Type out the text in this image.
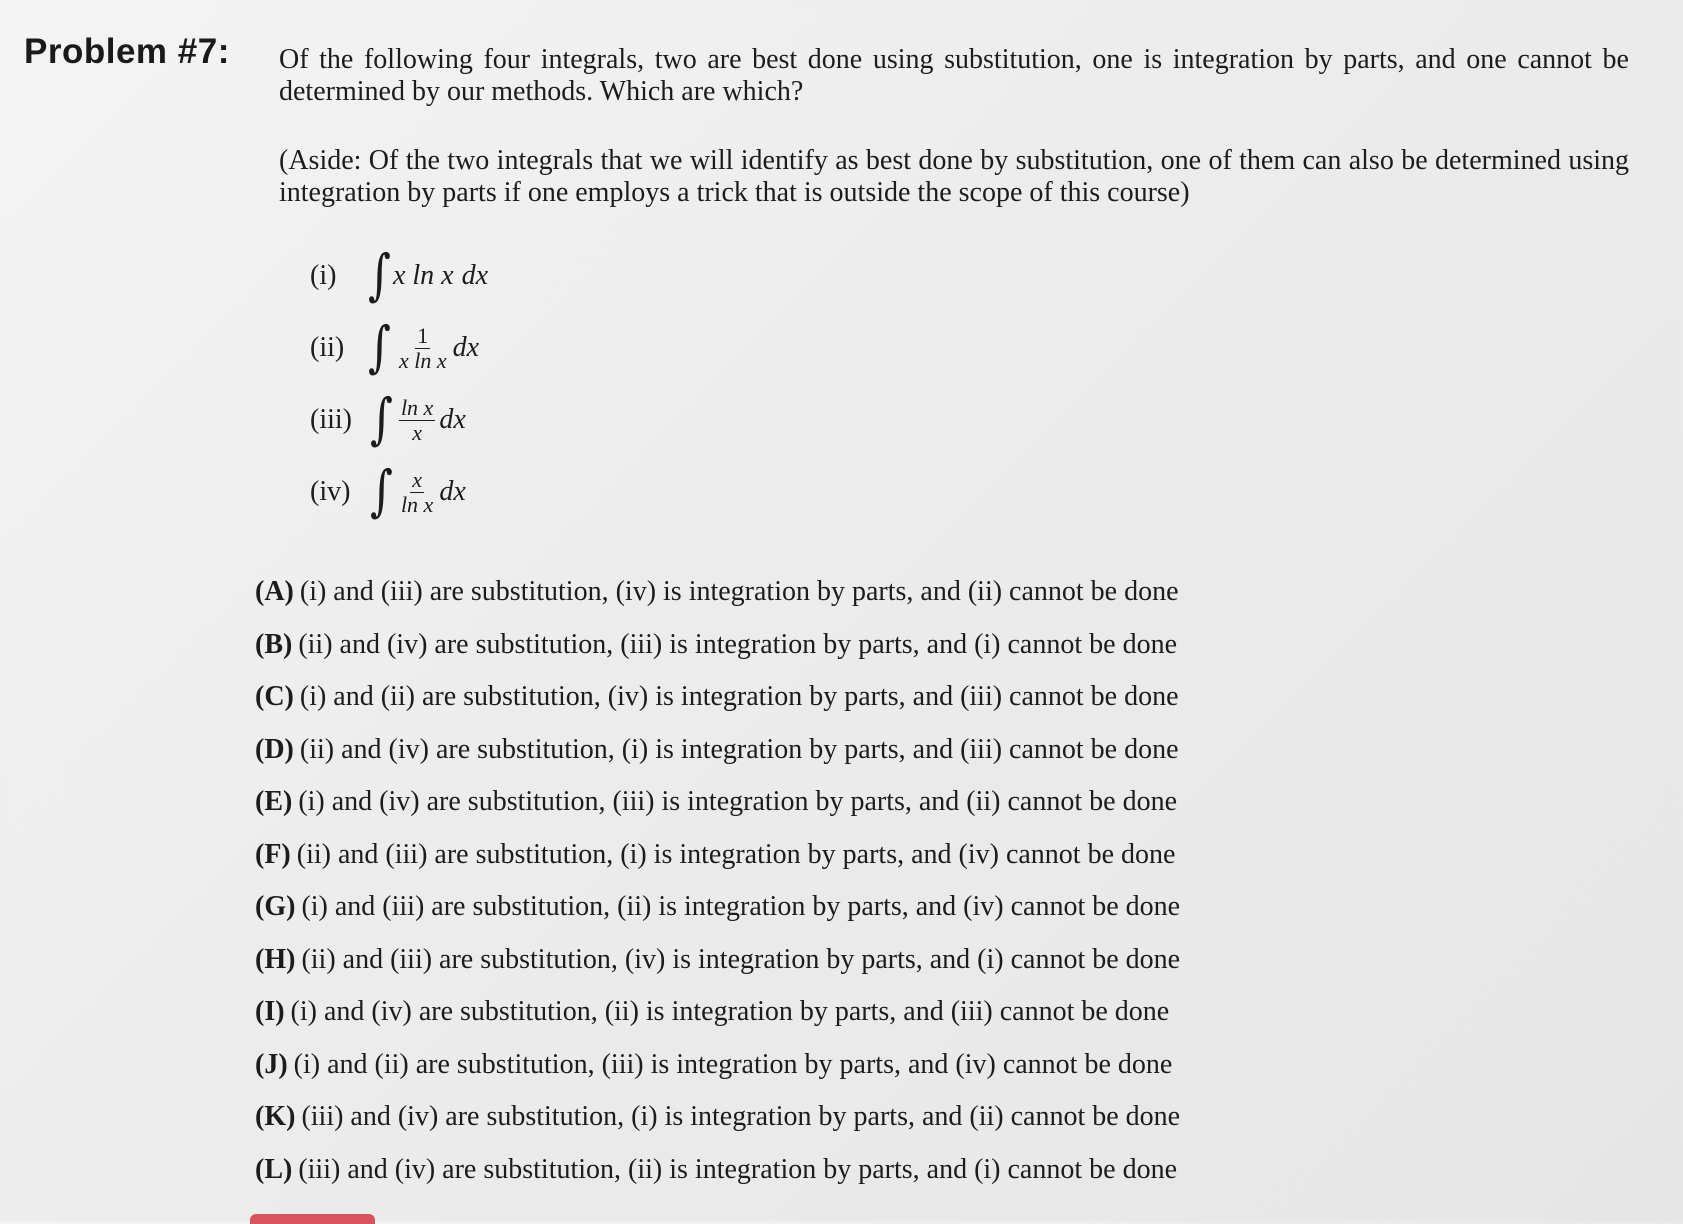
Problem #7: Of the following four integrals, two are best done using substitution, one is integration by parts, and one cannot be determined by our methods. Which are which?
(Aside: Of the two integrals that we will identify as best done by substitution, one of them can also be determined using integration by parts if one employs a trick that is outside the scope of this course)
(i) ∫ x ln x dx
(ii) ∫ $\frac{1}{\text{x ln x}}$ dx
(iii) ∫ $\frac{\text{ln x}}{x}$ dx
(iv) ∫ $\frac{x}{\text{ln x}}$ dx
(A) (i) and (iii) are substitution, (iv) is integration by parts, and (ii) cannot be done
(B) (ii) and (iv) are substitution, (iii) is integration by parts, and (i) cannot be done
(C) (i) and (ii) are substitution, (iv) is integration by parts, and (iii) cannot be done
(D) (ii) and (iv) are substitution, (i) is integration by parts, and (iii) cannot be done
(E) (i) and (iv) are substitution, (iii) is integration by parts, and (ii) cannot be done
(F) (ii) and (iii) are substitution, (i) is integration by parts, and (iv) cannot be done
(G) (i) and (iii) are substitution, (ii) is integration by parts, and (iv) cannot be done
(H) (ii) and (iii) are substitution, (iv) is integration by parts, and (i) cannot be done
(I) (i) and (iv) are substitution, (ii) is integration by parts, and (iii) cannot be done
(J) (i) and (ii) are substitution, (iii) is integration by parts, and (iv) cannot be done
(K) (iii) and (iv) are substitution, (i) is integration by parts, and (ii) cannot be done
(L) (iii) and (iv) are substitution, (ii) is integration by parts, and (i) cannot be done
